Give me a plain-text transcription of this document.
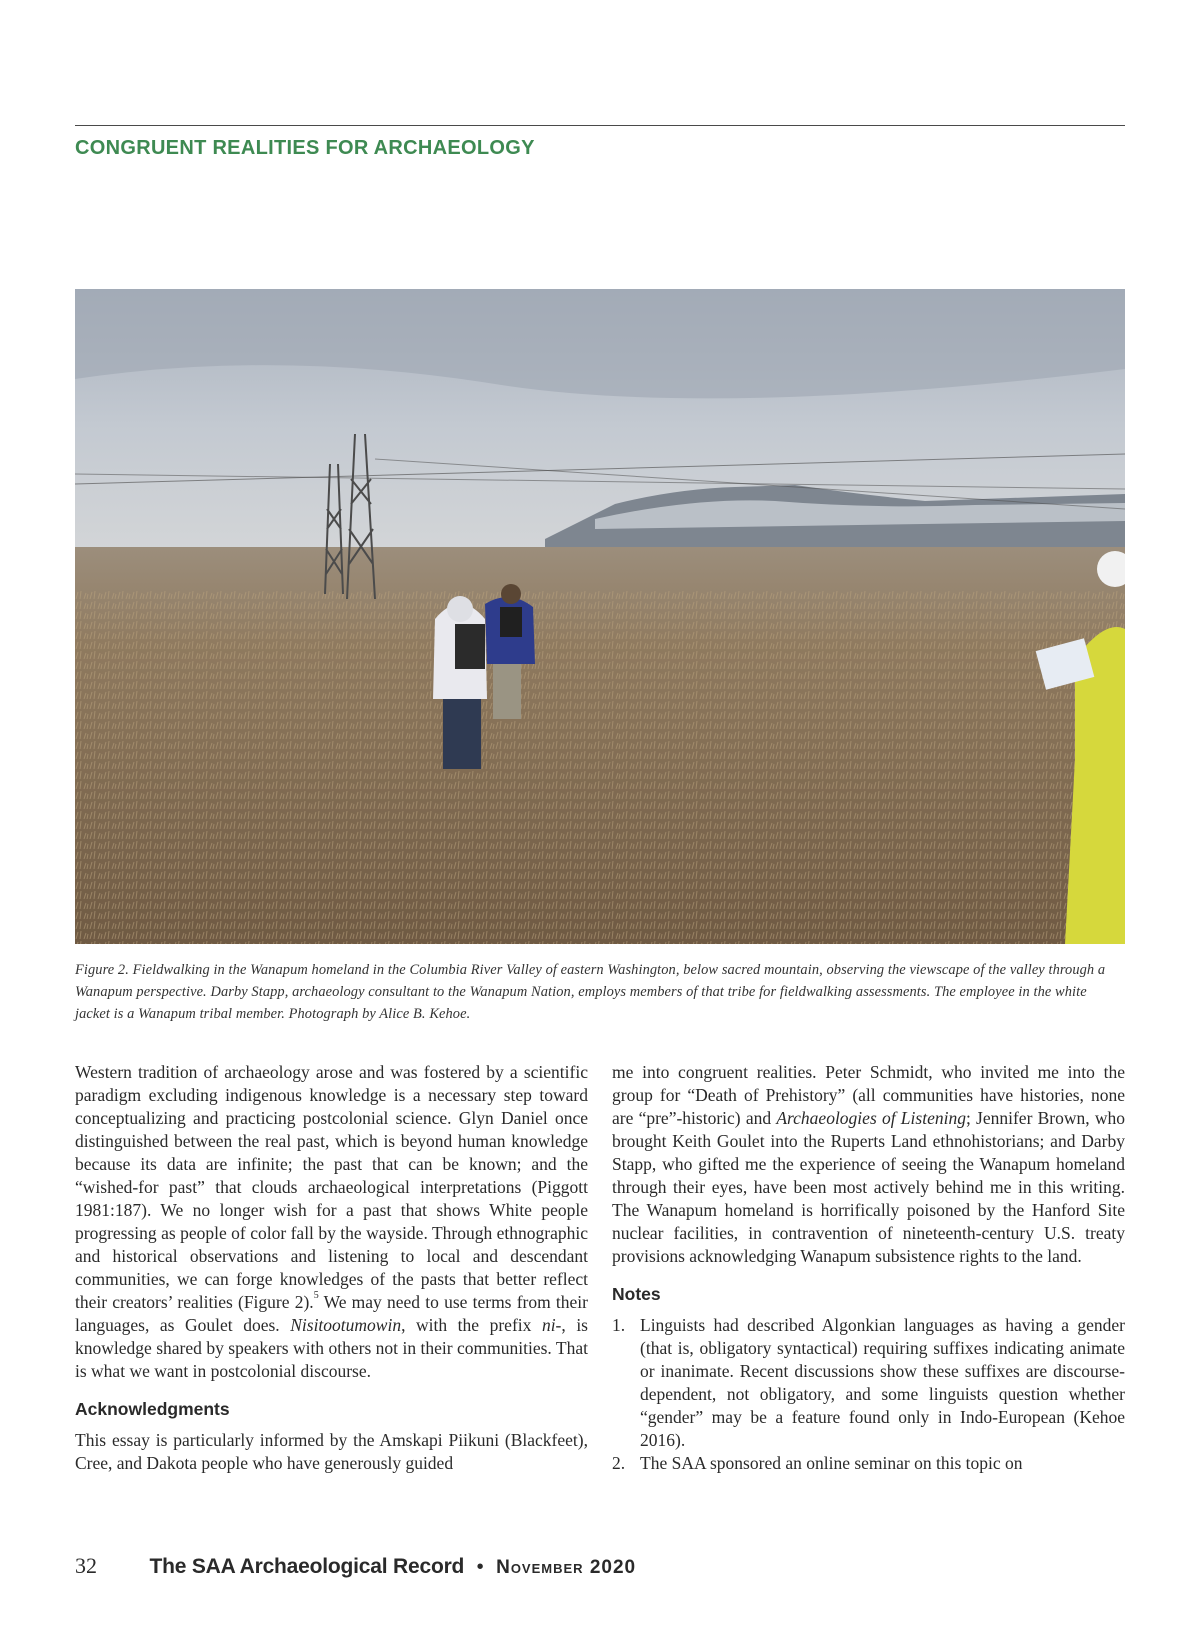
CONGRUENT REALITIES FOR ARCHAEOLOGY

Figure 2. Fieldwalking in the Wanapum homeland in the Columbia River Valley of eastern Washington, below sacred mountain, observing the viewscape of the valley through a Wanapum perspective. Darby Stapp, archaeology consultant to the Wanapum Nation, employs members of that tribe for fieldwalking assessments. The employee in the white jacket is a Wanapum tribal member. Photograph by Alice B. Kehoe.

Western tradition of archaeology arose and was fostered by a scientific paradigm excluding indigenous knowledge is a necessary step toward conceptualizing and practicing postcolonial science. Glyn Daniel once distinguished between the real past, which is beyond human knowledge because its data are infinite; the past that can be known; and the “wished-for past” that clouds archaeological interpretations (Piggott 1981:187). We no longer wish for a past that shows White people progressing as people of color fall by the wayside. Through ethnographic and historical observations and listening to local and descendant communities, we can forge knowledges of the pasts that better reflect their creators’ realities (Figure 2).$^5$ We may need to use terms from their languages, as Goulet does. Nisitootumowin, with the prefix ni-, is knowledge shared by speakers with others not in their communities. That is what we want in postcolonial discourse.

Acknowledgments

This essay is particularly informed by the Amskapi Piikuni (Blackfeet), Cree, and Dakota people who have generously guided

me into congruent realities. Peter Schmidt, who invited me into the group for “Death of Prehistory” (all communities have histories, none are “pre”-historic) and Archaeologies of Listening; Jennifer Brown, who brought Keith Goulet into the Ruperts Land ethnohistorians; and Darby Stapp, who gifted me the experience of seeing the Wanapum homeland through their eyes, have been most actively behind me in this writing. The Wanapum homeland is horrifically poisoned by the Hanford Site nuclear facilities, in contravention of nineteenth-century U.S. treaty provisions acknowledging Wanapum subsistence rights to the land.

Notes
1. Linguists had described Algonkian languages as having a gender (that is, obligatory syntactical) requiring suffixes indicating animate or inanimate. Recent discussions show these suffixes are discourse-dependent, not obligatory, and some linguists question whether “gender” may be a feature found only in Indo-European (Kehoe 2016).
2. The SAA sponsored an online seminar on this topic on
32 The SAA Archaeological Record • November 2020
